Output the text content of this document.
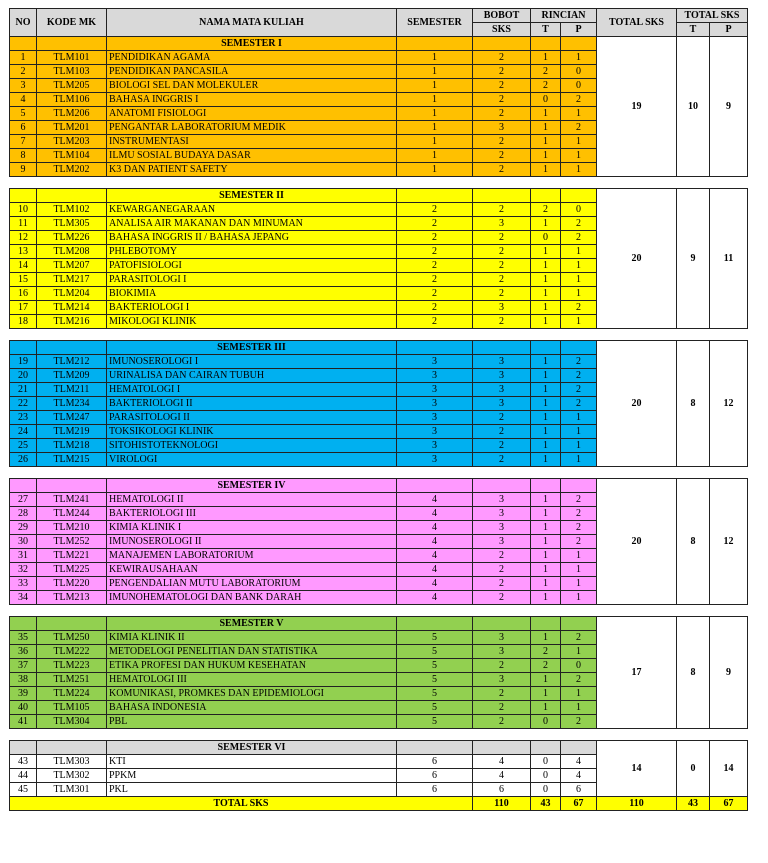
NO	KODE MK	NAMA MATA KULIAH	SEMESTER	BOBOT	RINCIAN		TOTAL SKS	TOTAL SKS	
				SKS	T	P		T	P
		SEMESTER I					19	10	9
1	TLM101	PENDIDIKAN AGAMA	1	2	1	1			
2	TLM103	PENDIDIKAN PANCASILA	1	2	2	0			
3	TLM205	BIOLOGI SEL DAN MOLEKULER	1	2	2	0			
4	TLM106	BAHASA INGGRIS I	1	2	0	2			
5	TLM206	ANATOMI FISIOLOGI	1	2	1	1			
6	TLM201	PENGANTAR LABORATORIUM MEDIK	1	3	1	2			
7	TLM203	INSTRUMENTASI	1	2	1	1			
8	TLM104	ILMU SOSIAL BUDAYA DASAR	1	2	1	1			
9	TLM202	K3 DAN PATIENT SAFETY	1	2	1	1			

		SEMESTER II					20	9	11
10	TLM102	KEWARGANEGARAAN	2	2	2	0			
11	TLM305	ANALISA AIR MAKANAN DAN MINUMAN	2	3	1	2			
12	TLM226	BAHASA INGGRIS II / BAHASA JEPANG	2	2	0	2			
13	TLM208	PHLEBOTOMY	2	2	1	1			
14	TLM207	PATOFISIOLOGI	2	2	1	1			
15	TLM217	PARASITOLOGI I	2	2	1	1			
16	TLM204	BIOKIMIA	2	2	1	1			
17	TLM214	BAKTERIOLOGI I	2	3	1	2			
18	TLM216	MIKOLOGI KLINIK	2	2	1	1			

		SEMESTER III					20	8	12
19	TLM212	IMUNOSEROLOGI I	3	3	1	2			
20	TLM209	URINALISA DAN CAIRAN TUBUH	3	3	1	2			
21	TLM211	HEMATOLOGI I	3	3	1	2			
22	TLM234	BAKTERIOLOGI II	3	3	1	2			
23	TLM247	PARASITOLOGI II	3	2	1	1			
24	TLM219	TOKSIKOLOGI KLINIK	3	2	1	1			
25	TLM218	SITOHISTOTEKNOLOGI	3	2	1	1			
26	TLM215	VIROLOGI	3	2	1	1			

		SEMESTER IV					20	8	12
27	TLM241	HEMATOLOGI II	4	3	1	2			
28	TLM244	BAKTERIOLOGI III	4	3	1	2			
29	TLM210	KIMIA KLINIK I	4	3	1	2			
30	TLM252	IMUNOSEROLOGI II	4	3	1	2			
31	TLM221	MANAJEMEN LABORATORIUM	4	2	1	1			
32	TLM225	KEWIRAUSAHAAN	4	2	1	1			
33	TLM220	PENGENDALIAN MUTU LABORATORIUM	4	2	1	1			
34	TLM213	IMUNOHEMATOLOGI DAN BANK DARAH	4	2	1	1			

		SEMESTER V					17	8	9
35	TLM250	KIMIA KLINIK II	5	3	1	2			
36	TLM222	METODELOGI PENELITIAN DAN STATISTIKA	5	3	2	1			
37	TLM223	ETIKA PROFESI DAN HUKUM KESEHATAN	5	2	2	0			
38	TLM251	HEMATOLOGI III	5	3	1	2			
39	TLM224	KOMUNIKASI, PROMKES DAN EPIDEMIOLOGI	5	2	1	1			
40	TLM105	BAHASA INDONESIA	5	2	1	1			
41	TLM304	PBL	5	2	0	2			

		SEMESTER VI					14	0	14
43	TLM303	KTI	6	4	0	4			
44	TLM302	PPKM	6	4	0	4			
45	TLM301	PKL	6	6	0	6			
TOTAL SKS				110	43	67	110	43	67
